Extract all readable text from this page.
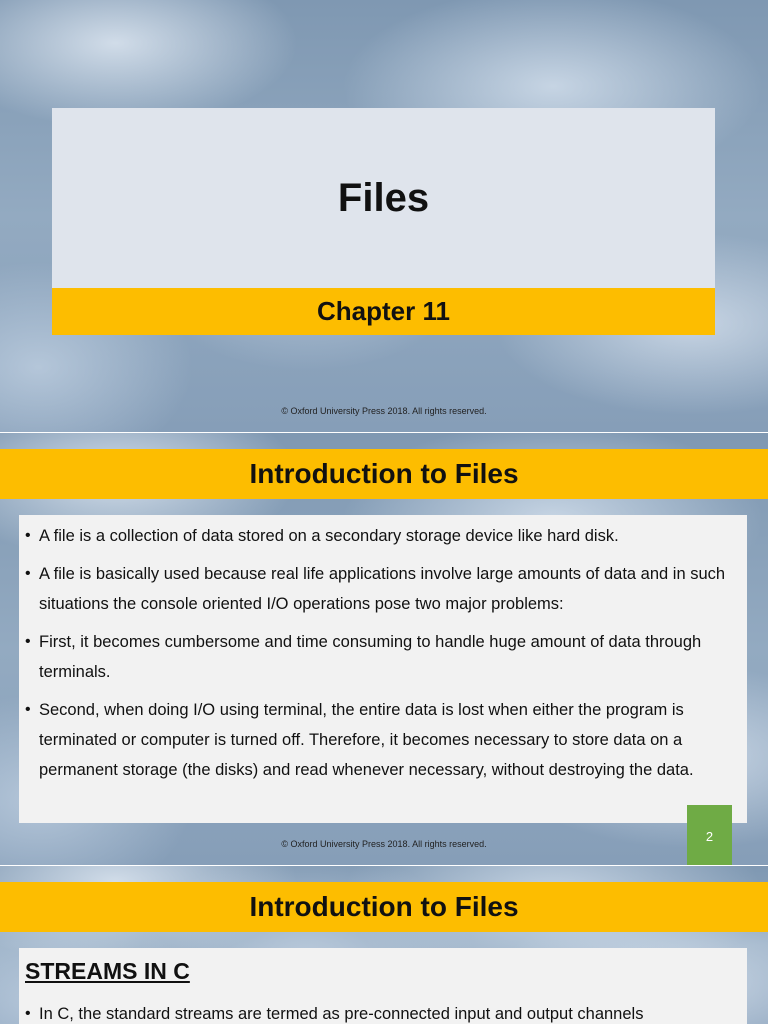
Files
Chapter 11
© Oxford University Press 2018. All rights reserved.
Introduction to Files
• A file is a collection of data stored on a secondary storage device like hard disk.
• A file is basically used because real life applications involve large amounts of data and in such situations the console oriented I/O operations pose two major problems:
• First, it becomes cumbersome and time consuming to handle huge amount of data through terminals.
• Second, when doing I/O using terminal, the entire data is lost when either the program is terminated or computer is turned off. Therefore, it becomes necessary to store data on a permanent storage (the disks) and read whenever necessary, without destroying the data.
2
© Oxford University Press 2018. All rights reserved.
Introduction to Files
STREAMS IN C
• In C, the standard streams are termed as pre-connected input and output channels
